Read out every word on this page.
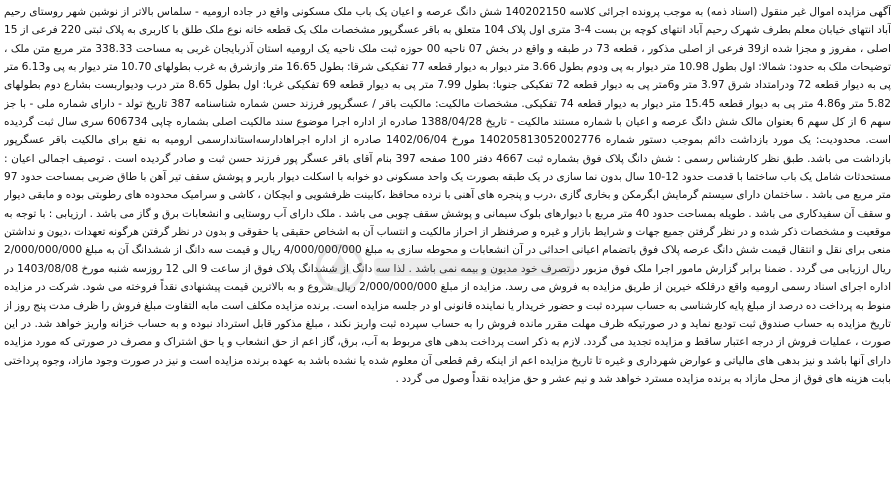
آگهی مزایده اموال غیر منقول (اسناد ذمه) به موجب پرونده اجرائی کلاسه 140202150 شش دانگ عرصه و اعیان یک باب ملک مسکونی واقع در جاده ارومیه - سلماس بالاتر از نوشین شهر روستای رحیم آباد انتهای خیابان معلم بطرف شهرک رحیم آباد انتهای کوچه بن بست 4-3 متری اول پلاک 104 متعلق به باقر عسگرپور مشخصات ملک یک قطعه خانه نوع ملک طلق با کاربری به پلاک ثبتی 220 فرعی از 15 اصلی ، مفروز و مجزا شده از39 فرعی از اصلی مذکور ، قطعه 73 در طبقه و واقع در بخش 07 ناحیه 00 حوزه ثبت ملک ناحیه یک ارومیه استان آذربایجان غربی به مساحت 338.33 متر مربع متن ملک ، توضیحات ملک به حدود: شمالا: اول بطول 10.98 متر دیوار به پی ودوم بطول 3.66 متر دیوار به دیوار قطعه 77 تفکیکی شرقا: بطول 16.65 متر وازشرق به غرب بطولهای 10.70 متر دیوار به پی و6.13 متر پی به دیوار قطعه 72 ودرامتداد شرق 3.97 متر و6متر پی به دیوار قطعه 72 تفکیکی جنوبا: بطول 7.99 متر پی به دیوار قطعه 69 تفکیکی غربا: اول بطول 8.65 متر درب ودیواربست بشارع دوم بطولهای 5.82 متر و4.86 متر پی به دیوار قطعه 15.45 متر دیوار به دیوار قطعه 74 تفکیکی. مشخصات مالکیت: مالکیت باقر / عسگرپور فرزند حسن شماره شناسنامه 387 تاریخ تولد - دارای شماره ملی - با جز سهم 6 از کل سهم 6 بعنوان مالک شش دانگ عرصه و اعیان با شماره مستند مالکیت - تاریخ 1388/04/28 صادره از اداره اجرا موضوع سند مالکیت اصلی بشماره چاپی 606734 سری سال ثبت گردیده است. محدودیت: یک مورد بازداشت دائم بموجب دستور شماره 140205813052002776 مورخ 1402/06/04 صادره از اداره اجراهادارسه‌استاندارسمی ارومیه به نفع برای مالکیت باقر عسگرپور بازداشت می باشد. طبق نظر کارشناس رسمی : شش دانگ پلاک فوق بشماره ثبت 4667 دفتر 100 صفحه 397 بنام آقای باقر عسگر پور فرزند حسن ثبت و صادر گردیده است . توصیف اجمالی اعیان : مستحدثات شامل یک باب ساختما با قدمت حدود 12-10 سال بدون نما سازی در یک طبقه بصورت یک واحد مسکونی دو خوابه با اسکلت دیوار باربر و پوشش سقف تیر آهن با طاق ضربی بمساحت حدود 97 متر مربع می باشد . ساختمان دارای سیستم گرمایش ابگرمکن و بخاری گازی ،درب و پنجره های آهنی با نرده محافظ ،کابینت ظرفشویی و ابچکان ، کاشی و سرامیک محدوده های رطوبتی بوده و مابقی دیوار و سقف آن سفیدکاری می باشد . طویله بمساحت حدود 40 متر مربع با دیوارهای بلوک سیمانی و پوشش سقف چوبی می باشد . ملک دارای آب روستایی و انشعابات برق و گاز می باشد . ارزیابی : با توجه به موقعیت و مشخصات ذکر شده و در نظر گرفتن جمیع جهات و شرایط بازار و غیره و صرفنظر از احراز مالکیت و انتساب آن به اشخاص حقیقی یا حقوقی و بدون در نظر گرفتن هرگونه تعهدات ،دیون و نداشتن منعی برای نقل و انتقال قیمت شش دانگ عرصه پلاک فوق باتضمام اعیانی احداثی در آن انشعابات و محوطه سازی به مبلغ 4/000/000/000 ریال و قیمت سه دانگ از ششدانگ آن به مبلغ 2/000/000/000 ریال ارزیابی می گردد . ضمنا برابر گزارش مامور اجرا ملک فوق مزبور درتصرف خود مدیون و بیمه نمی باشد . لذا سه دانگ از ششدانگ پلاک فوق از ساعت 9 الی 12 روزسه شنبه مورخ 1403/08/08 در اداره اجرای اسناد رسمی ارومیه واقع درقلکه خیرین از طریق مزایده به فروش می رسد. مزایده از مبلغ 2/000/000/000 ریال شروع و به بالاترین قیمت پیشنهادی نقداً فروخته می شود. شرکت در مزایده منوط به پرداخت ده درصد از مبلغ پایه کارشناسی به حساب سپرده ثبت و حضور خریدار یا نماینده قانونی او در جلسه مزایده است. برنده مزایده مکلف است مابه التفاوت مبلغ فروش را ظرف مدت پنج روز از تاریخ مزایده به حساب صندوق ثبت تودیع نماید و در صورتیکه ظرف مهلت مقرر مانده فروش را به حساب سپرده ثبت واریز نکند ، مبلغ مذکور قابل استرداد نبوده و به حساب خزانه واریز خواهد شد. در این صورت ، عملیات فروش از درجه اعتبار ساقط و مزایده تجدید می گردد. لازم به ذکر است پرداخت بدهی های مربوط به آب، برق، گاز اعم از حق انشعاب و یا حق اشتراک و مصرف در صورتی که مورد مزایده دارای آنها باشد و نیز بدهی های مالیاتی و عوارض شهرداری و غیره تا تاریخ مزایده اعم از اینکه رقم قطعی آن معلوم شده یا نشده باشد به عهده برنده مزایده است و نیز در صورت وجود مازاد، وجوه پرداختی بابت هزینه های فوق از محل مازاد به برنده مزایده مسترد خواهد شد و نیم عشر و حق مزایده نقداً وصول می گردد .
